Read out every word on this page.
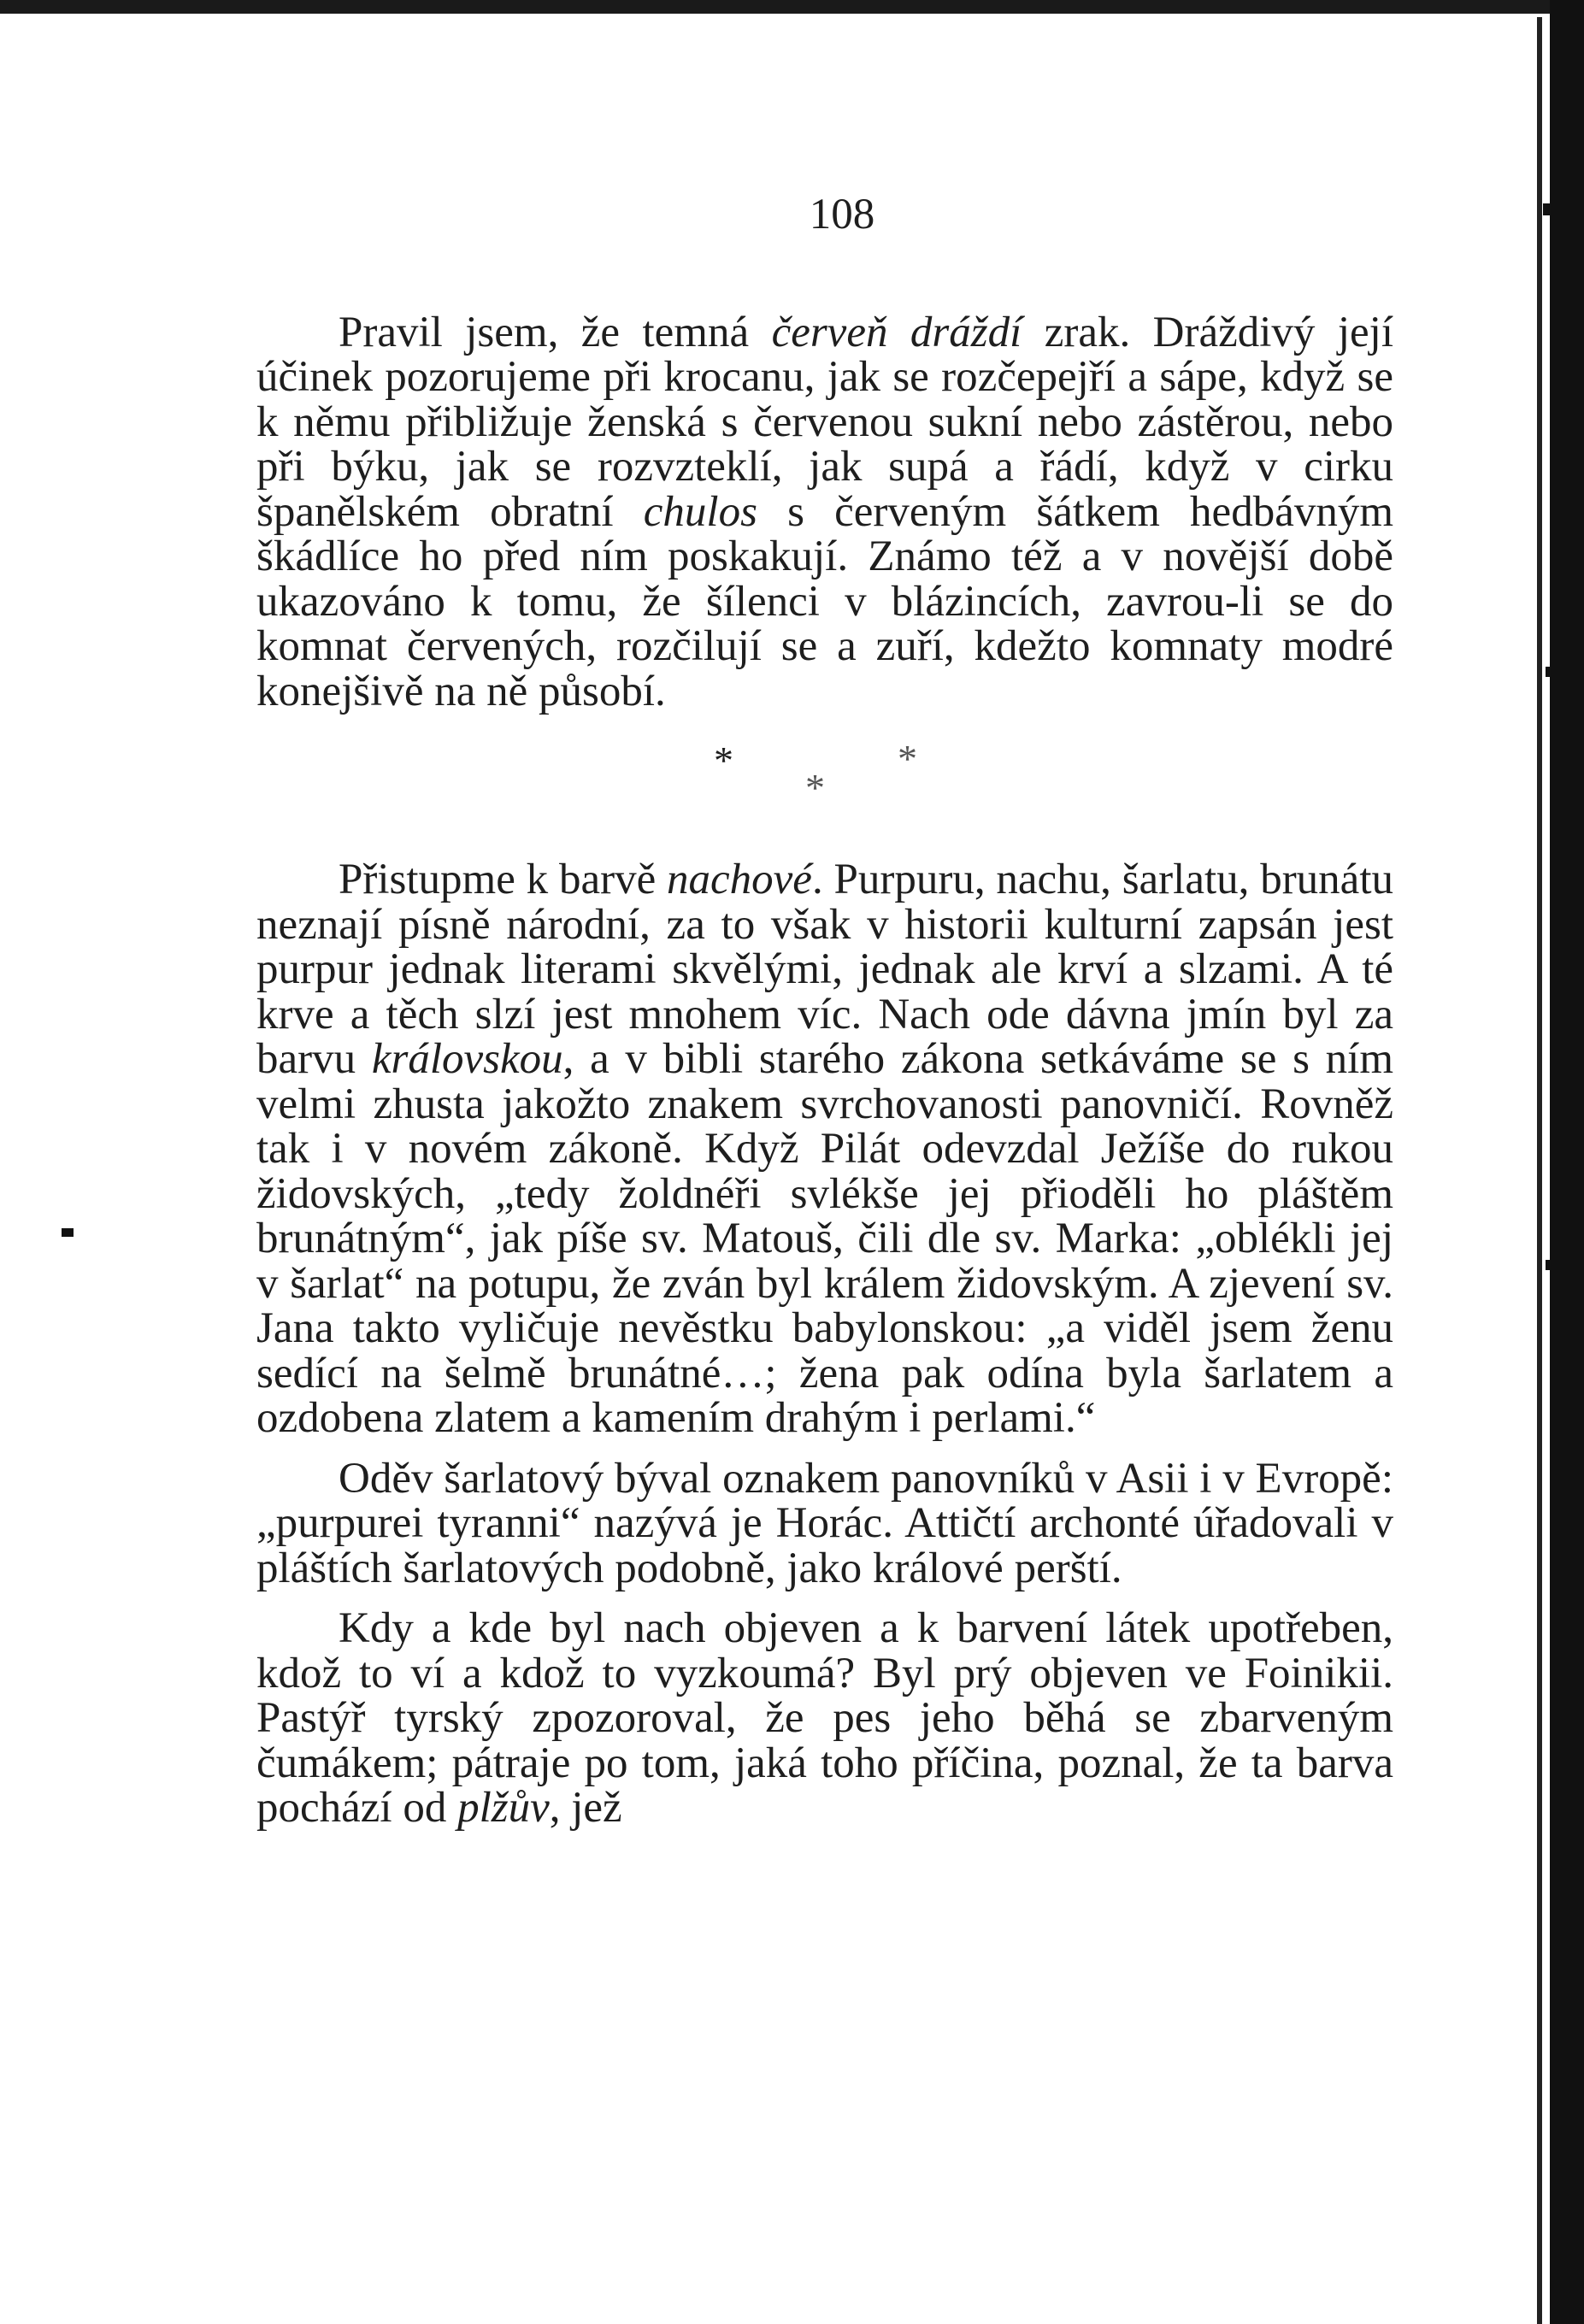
108

Pravil jsem, že temná červeň dráždí zrak. Dráždivý její účinek pozorujeme při krocanu, jak se rozčepejří a sápe, když se k němu přibližuje ženská s červenou sukní nebo zástěrou, nebo při býku, jak se rozvzteklí, jak supá a řádí, když v cirku španělském obratní chulos s červeným šátkem hedbávným škádlíce ho před ním poskakují. Známo též a v novější době ukazováno k tomu, že šílenci v blázincích, zavrou-li se do komnat červených, rozčilují se a zuří, kdežto komnaty modré konejšivě na ně působí.

*	*
*

Přistupme k barvě nachové. Purpuru, nachu, šarlatu, brunátu neznají písně národní, za to však v historii kulturní zapsán jest purpur jednak literami skvělými, jednak ale krví a slzami. A té krve a těch slzí jest mnohem víc. Nach ode dávna jmín byl za barvu královskou, a v bibli starého zákona setkáváme se s ním velmi zhusta jakožto znakem svrchovanosti panovničí. Rovněž tak i v novém zákoně. Když Pilát odevzdal Ježíše do rukou židovských, „tedy žoldnéři svlékše jej přioděli ho pláštěm brunátným“, jak píše sv. Matouš, čili dle sv. Marka: „oblékli jej v šarlat“ na potupu, že zván byl králem židovským. A zjevení sv. Jana takto vyličuje nevěstku babylonskou: „a viděl jsem ženu sedící na šelmě brunátné…; žena pak odína byla šarlatem a ozdobena zlatem a kamením drahým i perlami.“

Oděv šarlatový býval oznakem panovníků v Asii i v Evropě: „purpurei tyranni“ nazývá je Horác. Attičtí archonté úřadovali v pláštích šarlatových podobně, jako králové perští.

Kdy a kde byl nach objeven a k barvení látek upotřeben, kdož to ví a kdož to vyzkoumá? Byl prý objeven ve Foinikii. Pastýř tyrský zpozoroval, že pes jeho běhá se zbarveným čumákem; pátraje po tom, jaká toho příčina, poznal, že ta barva pochází od plžův, jež
